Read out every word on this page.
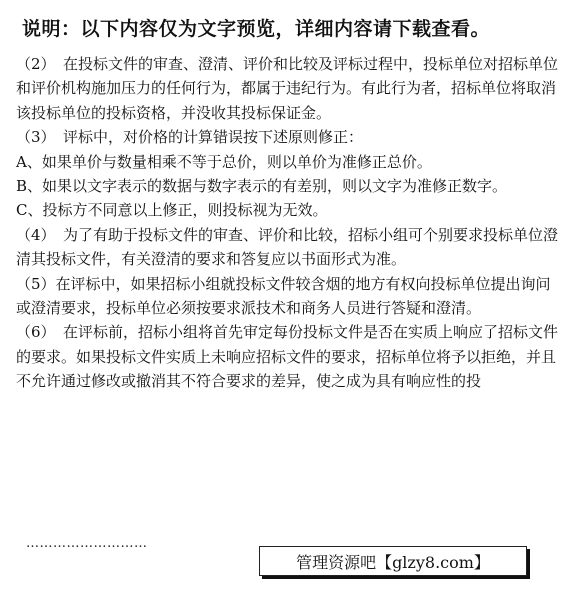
说明：以下内容仅为文字预览，详细内容请下载查看。

（2）　在投标文件的审查、澄清、评价和比较及评标过程中，投标单位对招标单位和评价机构施加压力的任何行为，都属于违纪行为。有此行为者，招标单位将取消该投标单位的投标资格，并没收其投标保证金。

（3）　评标中，对价格的计算错误按下述原则修正：

A、如果单价与数量相乘不等于总价，则以单价为准修正总价。

B、如果以文字表示的数据与数字表示的有差别，则以文字为准修正数字。

C、投标方不同意以上修正，则投标视为无效。

（4）　为了有助于投标文件的审查、评价和比较，招标小组可个别要求投标单位澄清其投标文件，有关澄清的要求和答复应以书面形式为准。

（5）在评标中，如果招标小组就投标文件较含烟的地方有权向投标单位提出询问或澄清要求，投标单位必须按要求派技术和商务人员进行答疑和澄清。

（6）　在评标前，招标小组将首先审定每份投标文件是否在实质上响应了招标文件的要求。如果投标文件实质上未响应招标文件的要求，招标单位将予以拒绝，并且不允许通过修改或撤消其不符合要求的差异，使之成为具有响应性的投

………………………
管理资源吧【glzy8.com】
